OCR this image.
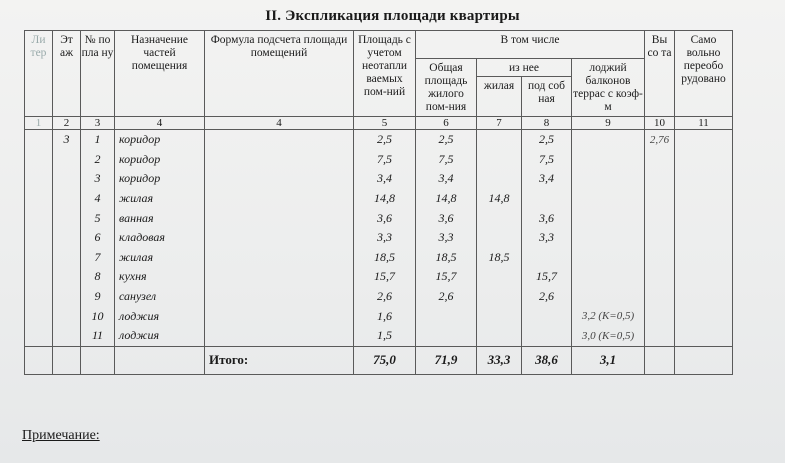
II. Экспликация площади квартиры
Ли тер	Эт аж	№ по пла ну	Назначение частей помещения	Формула подсчета площади помещений	Площадь с учетом неотапли ваемых пом-ний	В том числе				Вы со та	Само вольно переобо рудовано
						Общая площадь жилого пом-ния	из нее		лоджий балконов террас с коэф-м		
							жилая	под соб ная			
1	2	3	4	4	5	6	7	8	9	10	11
	3	1	коридор		2,5	2,5		2,5		2,76	
		2	коридор		7,5	7,5		7,5			
		3	коридор		3,4	3,4		3,4			
		4	жилая		14,8	14,8	14,8				
		5	ванная		3,6	3,6		3,6			
		6	кладовая		3,3	3,3		3,3			
		7	жилая		18,5	18,5	18,5				
		8	кухня		15,7	15,7		15,7			
		9	санузел		2,6	2,6		2,6			
		10	лоджия		1,6				3,2 (К=0,5)		
		11	лоджия		1,5				3,0 (К=0,5)		
				Итого:	75,0	71,9	33,3	38,6	3,1		
Примечание:
